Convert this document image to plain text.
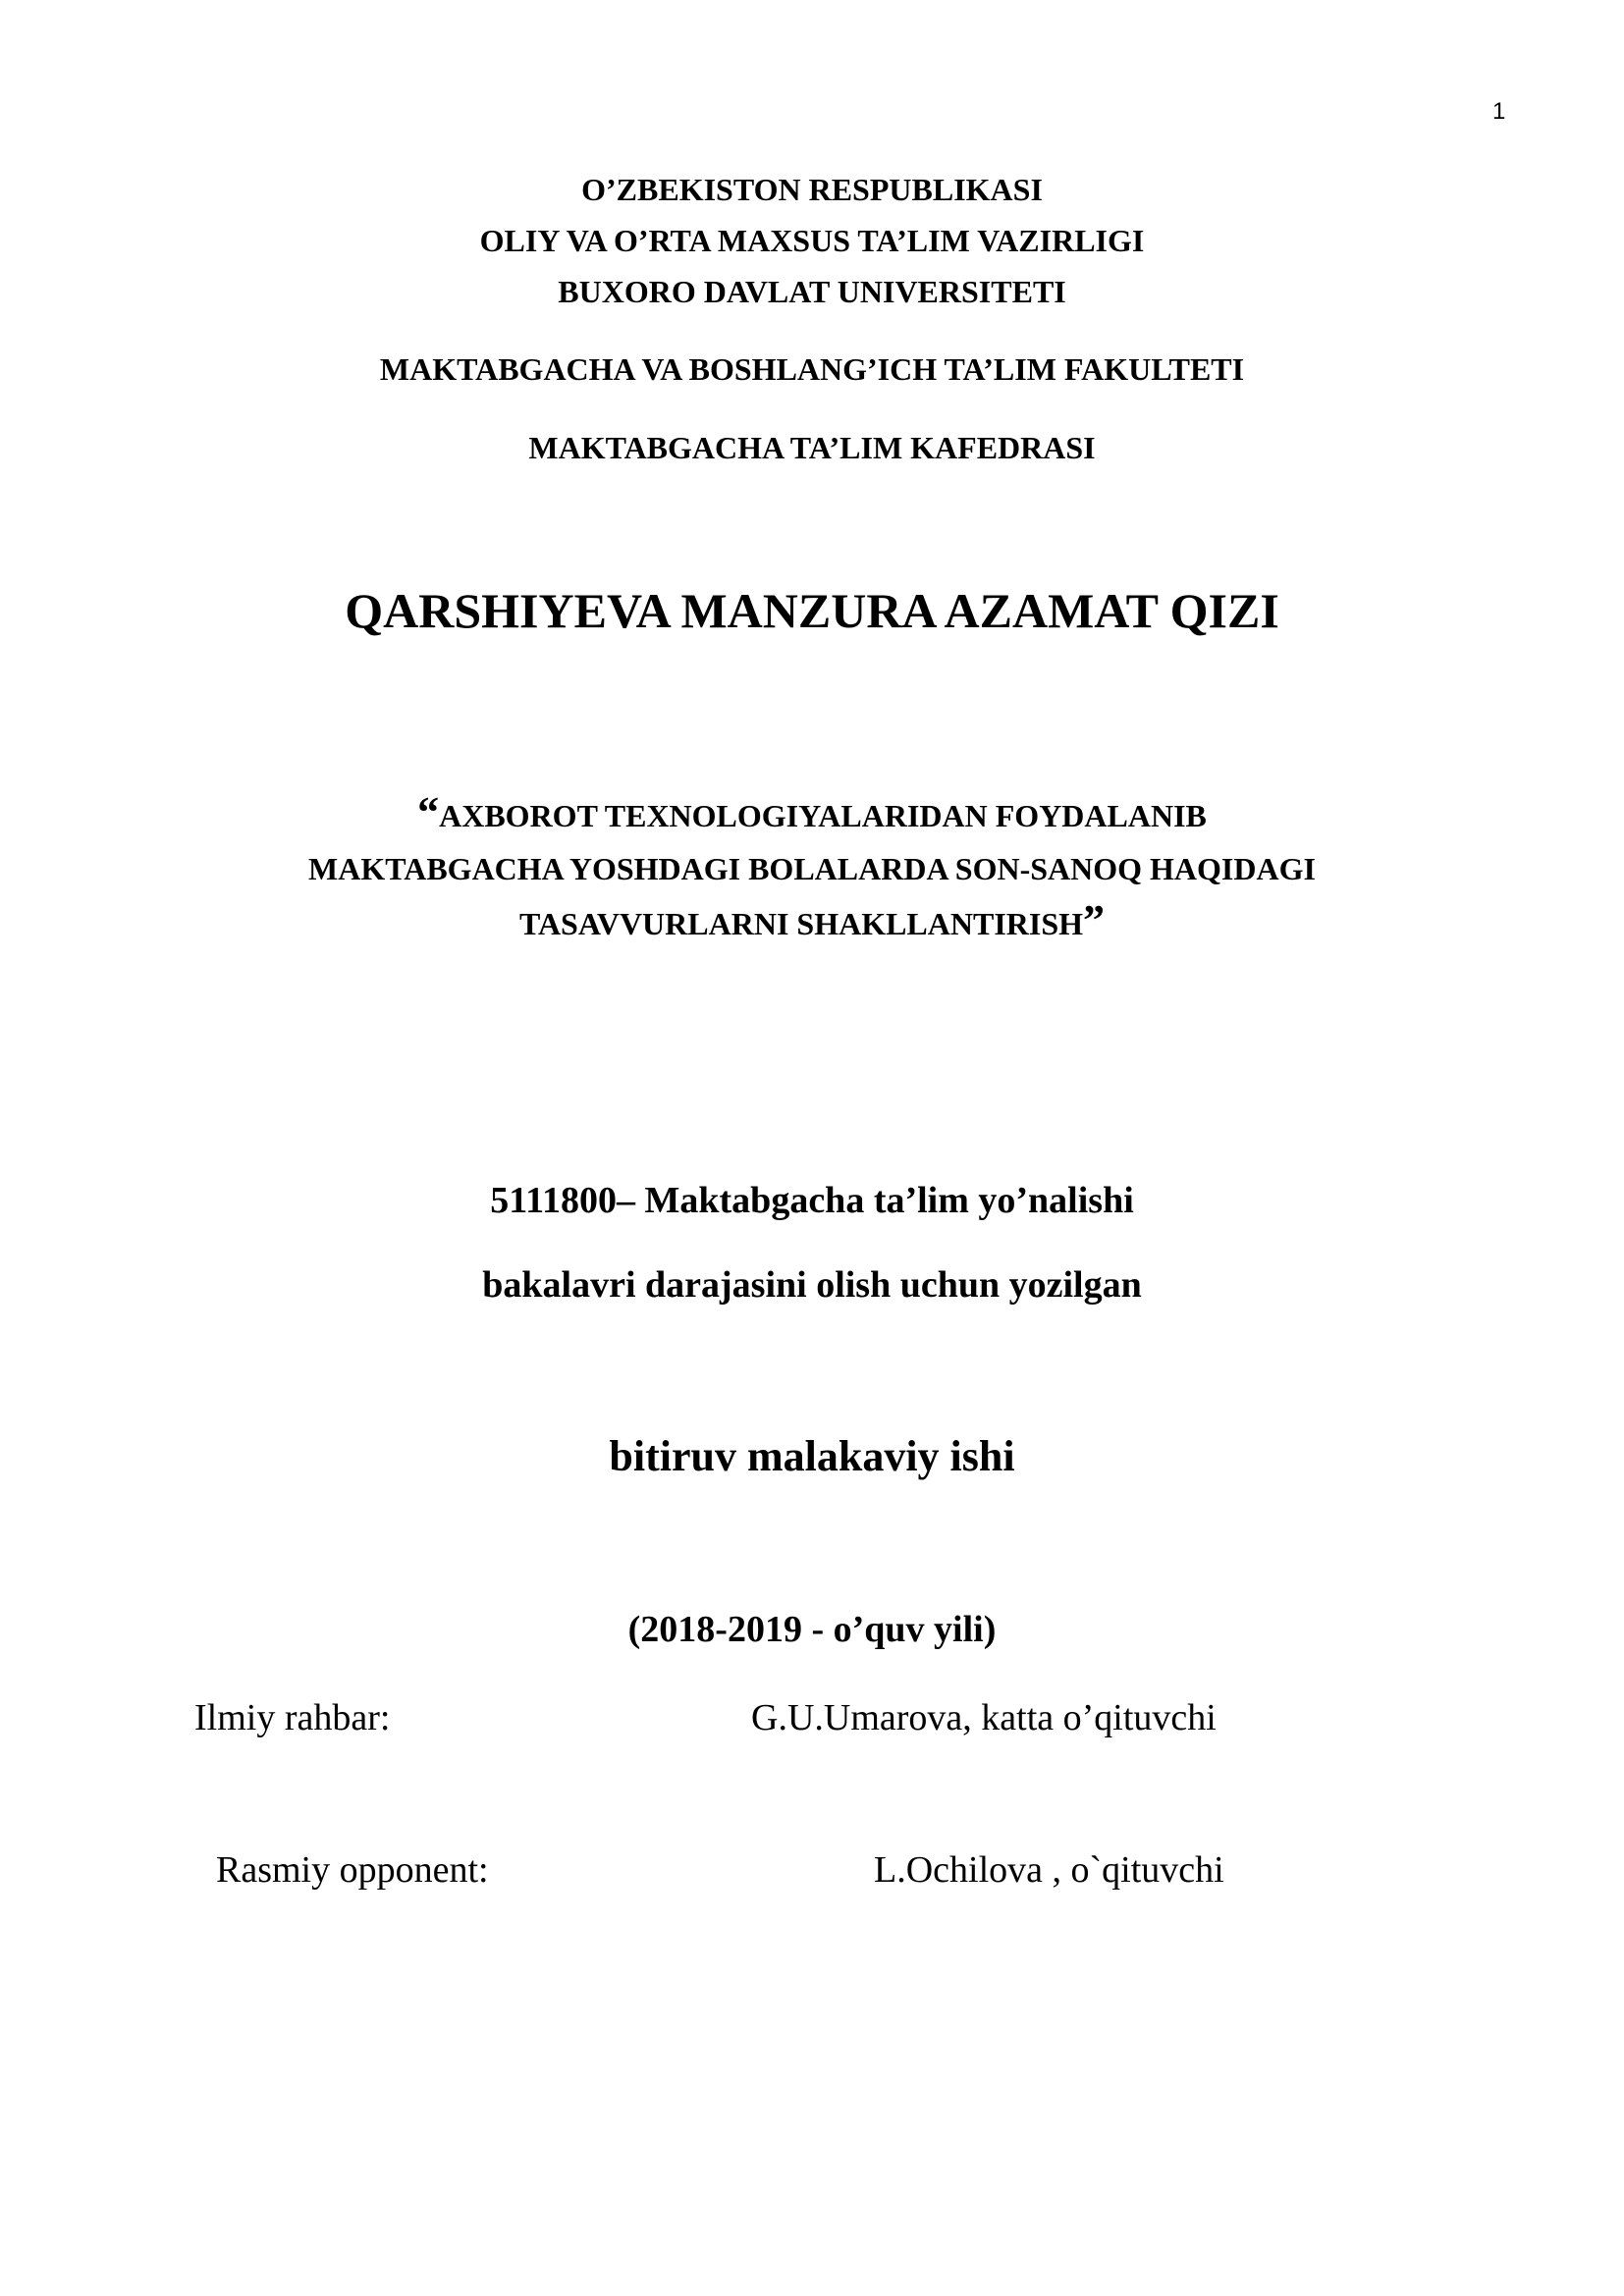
1
O’ZBEKISTON RESPUBLIKASI
OLIY VA O’RTA MAXSUS TA’LIM VAZIRLIGI
BUXORO DAVLAT UNIVERSITETI
MAKTABGACHA VA BOSHLANG’ICH TA’LIM FAKULTETI
MAKTABGACHA TA’LIM KAFEDRASI
QARSHIYEVA MANZURA AZAMAT QIZI
“AXBOROT TEXNOLOGIYALARIDAN FOYDALANIB
MAKTABGACHA YOSHDAGI BOLALARDA SON-SANOQ HAQIDAGI
TASAVVURLARNI SHAKLLANTIRISH”
5111800– Maktabgacha ta’lim yo’nalishi
bakalavri darajasini olish uchun yozilgan
bitiruv malakaviy ishi
(2018-2019 - o’quv yili)
Ilmiy rahbar:	G.U.Umarova, katta o’qituvchi
Rasmiy opponent:	L.Ochilova , o`qituvchi
